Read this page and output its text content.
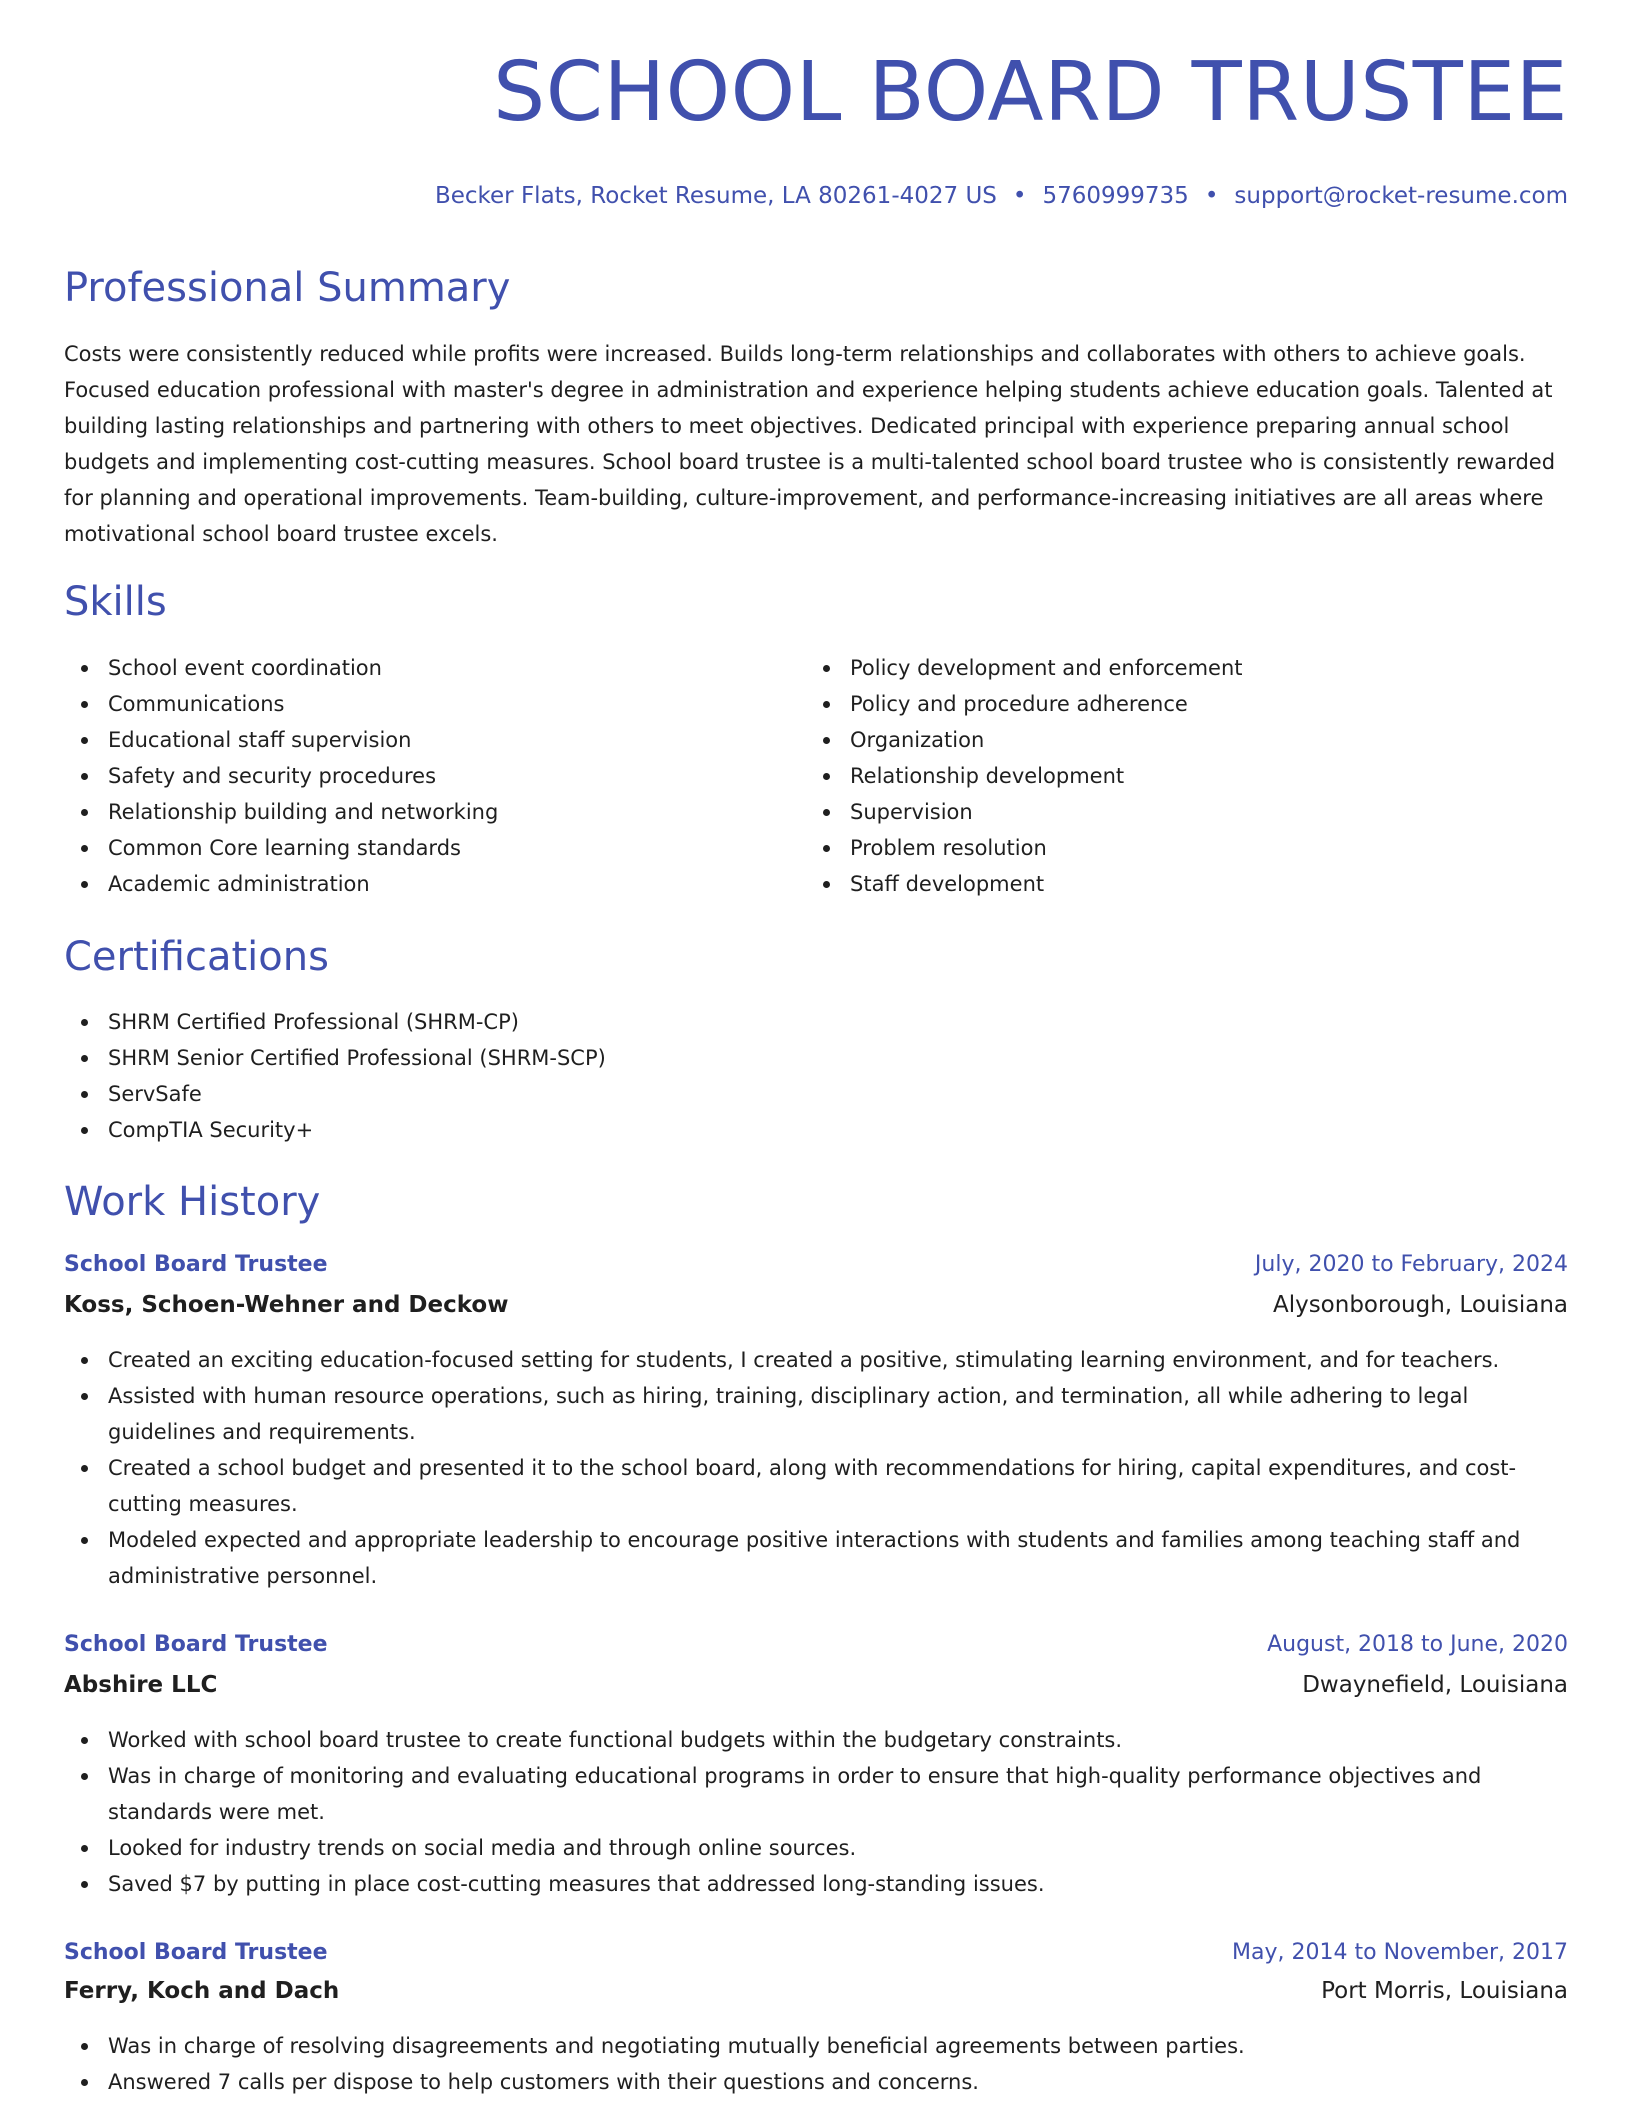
SCHOOL BOARD TRUSTEE
Becker Flats, Rocket Resume, LA 80261-4027 US • 5760999735 • support@rocket-resume.com
Professional Summary

Costs were consistently reduced while profits were increased. Builds long-term relationships and collaborates with others to achieve goals. Focused education professional with master's degree in administration and experience helping students achieve education goals. Talented at building lasting relationships and partnering with others to meet objectives. Dedicated principal with experience preparing annual school budgets and implementing cost-cutting measures. School board trustee is a multi-talented school board trustee who is consistently rewarded for planning and operational improvements. Team-building, culture-improvement, and performance-increasing initiatives are all areas where motivational school board trustee excels.

Skills
School event coordination
Communications
Educational staff supervision
Safety and security procedures
Relationship building and networking
Common Core learning standards
Academic administration
Policy development and enforcement
Policy and procedure adherence
Organization
Relationship development
Supervision
Problem resolution
Staff development
Certifications
SHRM Certified Professional (SHRM-CP)
SHRM Senior Certified Professional (SHRM-SCP)
ServSafe
CompTIA Security+
Work History
School Board Trustee	July, 2020 to February, 2024
Koss, Schoen-Wehner and Deckow	Alysonborough, Louisiana
Created an exciting education-focused setting for students, I created a positive, stimulating learning environment, and for teachers.
Assisted with human resource operations, such as hiring, training, disciplinary action, and termination, all while adhering to legal guidelines and requirements.
Created a school budget and presented it to the school board, along with recommendations for hiring, capital expenditures, and cost-cutting measures.
Modeled expected and appropriate leadership to encourage positive interactions with students and families among teaching staff and administrative personnel.
School Board Trustee	August, 2018 to June, 2020
Abshire LLC	Dwaynefield, Louisiana
Worked with school board trustee to create functional budgets within the budgetary constraints.
Was in charge of monitoring and evaluating educational programs in order to ensure that high-quality performance objectives and standards were met.
Looked for industry trends on social media and through online sources.
Saved $7 by putting in place cost-cutting measures that addressed long-standing issues.
School Board Trustee	May, 2014 to November, 2017
Ferry, Koch and Dach	Port Morris, Louisiana
Was in charge of resolving disagreements and negotiating mutually beneficial agreements between parties.
Answered 7 calls per dispose to help customers with their questions and concerns.
